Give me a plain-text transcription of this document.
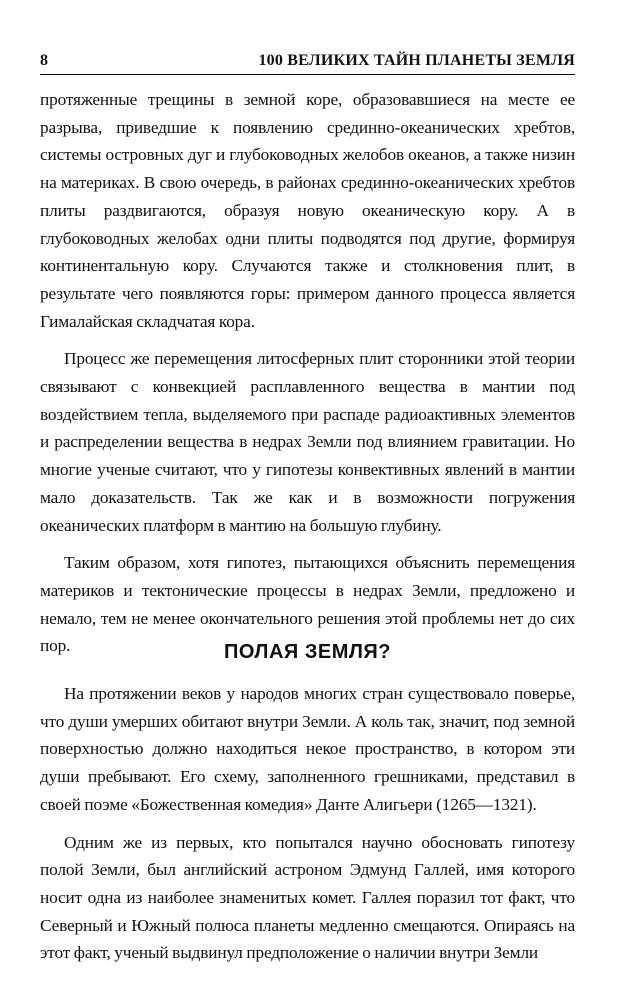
8	100 ВЕЛИКИХ ТАЙН ПЛАНЕТЫ ЗЕМЛЯ

протяженные трещины в земной коре, образовавшиеся на месте ее разрыва, приведшие к появлению срединно-океанических хребтов, системы островных дуг и глубоководных желобов океанов, а также низин на материках. В свою очередь, в районах срединно-океанических хребтов плиты раздвигаются, образуя новую океаническую кору. А в глубоководных желобах одни плиты подводятся под другие, формируя континентальную кору. Случаются также и столкновения плит, в результате чего появляются горы: примером данного процесса является Гималайская складчатая кора.

Процесс же перемещения литосферных плит сторонники этой теории связывают с конвекцией расплавленного вещества в мантии под воздействием тепла, выделяемого при распаде радиоактивных элементов и распределении вещества в недрах Земли под влиянием гравитации. Но многие ученые считают, что у гипотезы конвективных явлений в мантии мало доказательств. Так же как и в возможности погружения океанических платформ в мантию на большую глубину.

Таким образом, хотя гипотез, пытающихся объяснить перемещения материков и тектонические процессы в недрах Земли, предложено и немало, тем не менее окончательного решения этой проблемы нет до сих пор.	ПОЛАЯ ЗЕМЛЯ?

На протяжении веков у народов многих стран существовало поверье, что души умерших обитают внутри Земли. А коль так, значит, под земной поверхностью должно находиться некое пространство, в котором эти души пребывают. Его схему, заполненного грешниками, представил в своей поэме «Божественная комедия» Данте Алигьери (1265—1321).

Одним же из первых, кто попытался научно обосновать гипотезу полой Земли, был английский астроном Эдмунд Галлей, имя которого носит одна из наиболее знаменитых комет. Галлея поразил тот факт, что Северный и Южный полюса планеты медленно смещаются. Опираясь на этот факт, ученый выдвинул предположение о наличии внутри Земли
